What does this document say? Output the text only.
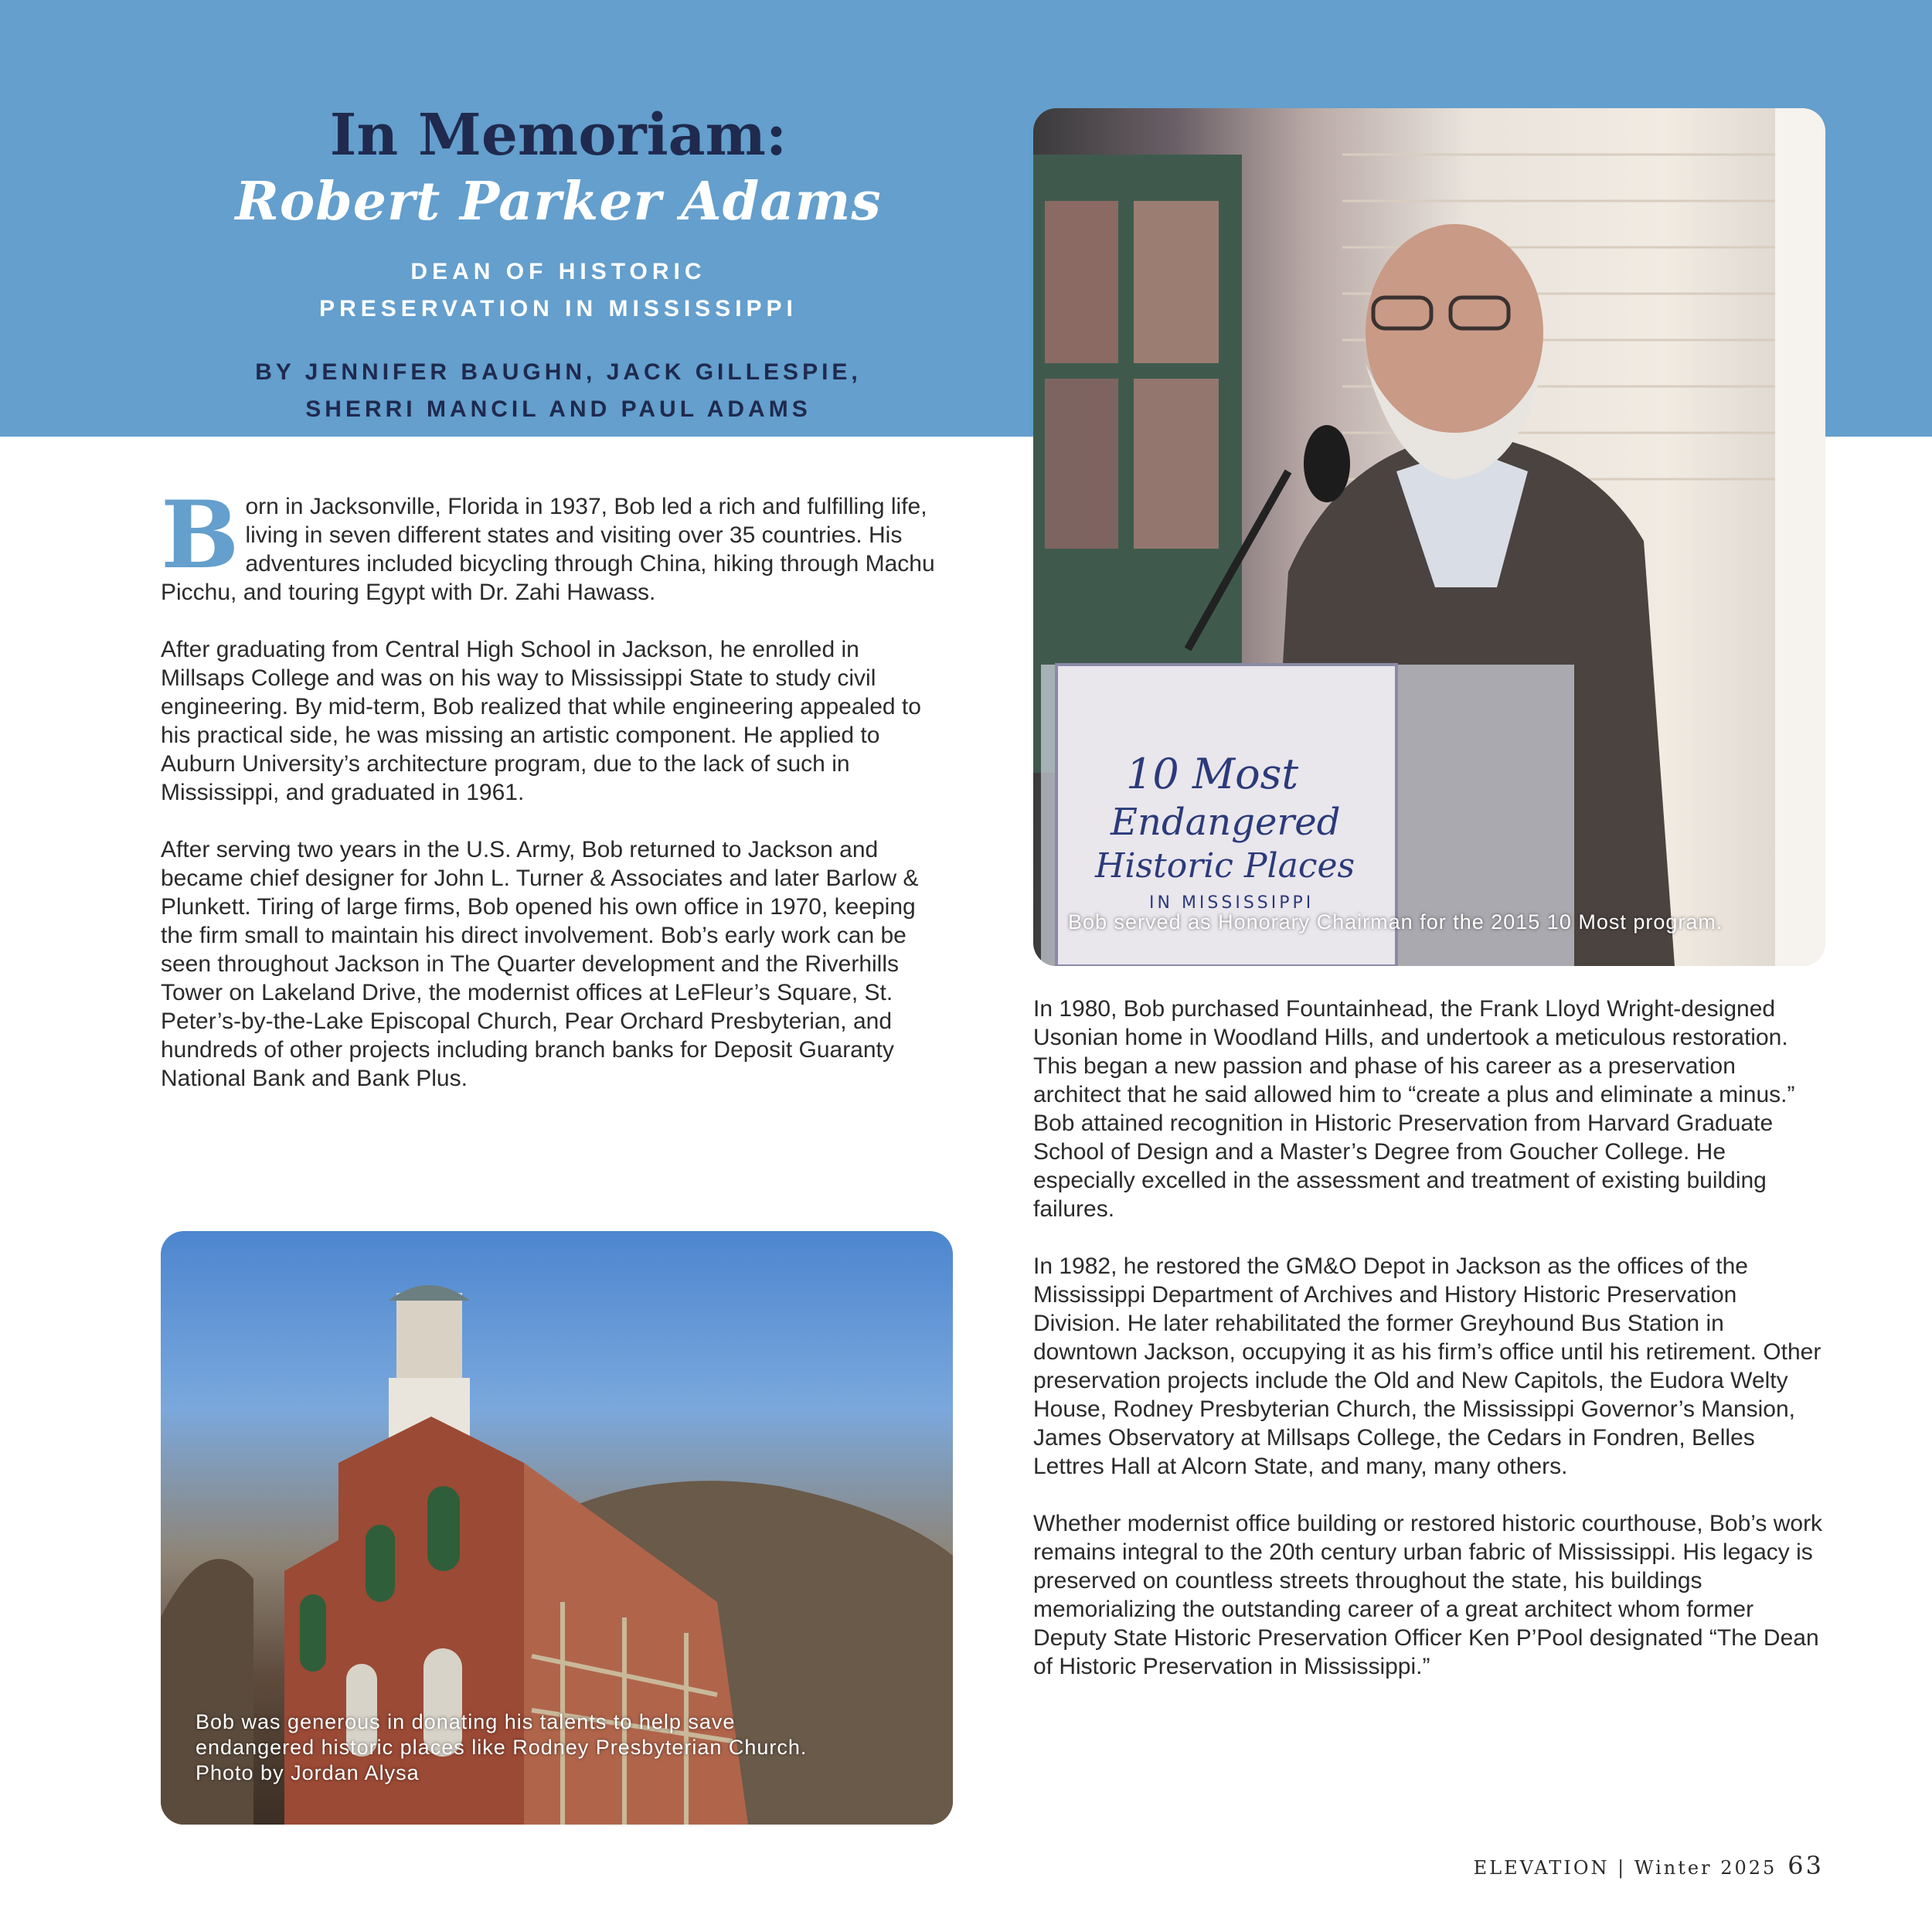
In Memoriam:
Robert Parker Adams
DEAN OF HISTORIC
PRESERVATION IN MISSISSIPPI
BY JENNIFER BAUGHN, JACK GILLESPIE,
SHERRI MANCIL AND PAUL ADAMS

Born in Jacksonville, Florida in 1937, Bob led a rich and fulfilling life, living in seven different states and visiting over 35 countries. His adventures included bicycling through China, hiking through Machu Picchu, and touring Egypt with Dr. Zahi Hawass.

After graduating from Central High School in Jackson, he enrolled in Millsaps College and was on his way to Mississippi State to study civil engineering. By mid-term, Bob realized that while engineering appealed to his practical side, he was missing an artistic component. He applied to Auburn University’s architecture program, due to the lack of such in Mississippi, and graduated in 1961.

After serving two years in the U.S. Army, Bob returned to Jackson and became chief designer for John L. Turner & Associates and later Barlow & Plunkett. Tiring of large firms, Bob opened his own office in 1970, keeping the firm small to maintain his direct involvement. Bob’s early work can be seen throughout Jackson in The Quarter development and the Riverhills Tower on Lakeland Drive, the modernist offices at LeFleur’s Square, St. Peter’s-by-the-Lake Episcopal Church, Pear Orchard Presbyterian, and hundreds of other projects including branch banks for Deposit Guaranty National Bank and Bank Plus.

10 Most
Endangered
Historic Places
IN MISSISSIPPI
Bob served as Honorary Chairman for the 2015 10 Most program.
Bob was generous in donating his talents to help save
endangered historic places like Rodney Presbyterian Church.
Photo by Jordan Alysa

In 1980, Bob purchased Fountainhead, the Frank Lloyd Wright-designed Usonian home in Woodland Hills, and undertook a meticulous restoration. This began a new passion and phase of his career as a preservation architect that he said allowed him to “create a plus and eliminate a minus.” Bob attained recognition in Historic Preservation from Harvard Graduate School of Design and a Master’s Degree from Goucher College. He especially excelled in the assessment and treatment of existing building failures.

In 1982, he restored the GM&O Depot in Jackson as the offices of the Mississippi Department of Archives and History Historic Preservation Division. He later rehabilitated the former Greyhound Bus Station in downtown Jackson, occupying it as his firm’s office until his retirement. Other preservation projects include the Old and New Capitols, the Eudora Welty House, Rodney Presbyterian Church, the Mississippi Governor’s Mansion, James Observatory at Millsaps College, the Cedars in Fondren, Belles Lettres Hall at Alcorn State, and many, many others.

Whether modernist office building or restored historic courthouse, Bob’s work remains integral to the 20th century urban fabric of Mississippi. His legacy is preserved on countless streets throughout the state, his buildings memorializing the outstanding career of a great architect whom former Deputy State Historic Preservation Officer Ken P’Pool designated “The Dean of Historic Preservation in Mississippi.”

ELEVATION | Winter 2025 63
